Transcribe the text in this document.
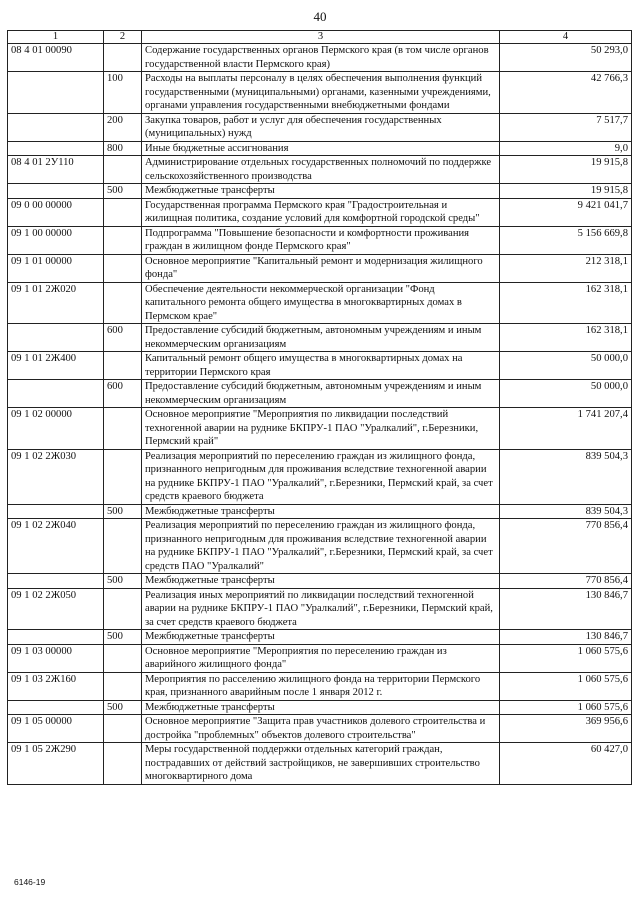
40
1	2	3	4
08 4 01 00090		Содержание государственных органов Пермского края (в том числе органов государственной власти Пермского края)	50 293,0
	100	Расходы на выплаты персоналу в целях обеспечения выполнения функций государственными (муниципальными) органами, казенными учреждениями, органами управления государственными внебюджетными фондами	42 766,3
	200	Закупка товаров, работ и услуг для обеспечения государственных (муниципальных) нужд	7 517,7
	800	Иные бюджетные ассигнования	9,0
08 4 01 2У110		Администрирование отдельных государственных полномочий по поддержке сельскохозяйственного производства	19 915,8
	500	Межбюджетные трансферты	19 915,8
09 0 00 00000		Государственная программа Пермского края "Градостроительная и жилищная политика, создание условий для комфортной городской среды"	9 421 041,7
09 1 00 00000		Подпрограмма "Повышение безопасности и комфортности проживания граждан в жилищном фонде Пермского края"	5 156 669,8
09 1 01 00000		Основное мероприятие "Капитальный ремонт и модернизация жилищного фонда"	212 318,1
09 1 01 2Ж020		Обеспечение деятельности некоммерческой организации "Фонд капитального ремонта общего имущества в многоквартирных домах в Пермском крае"	162 318,1
	600	Предоставление субсидий бюджетным, автономным учреждениям и иным некоммерческим организациям	162 318,1
09 1 01 2Ж400		Капитальный ремонт общего имущества в многоквартирных домах на территории Пермского края	50 000,0
	600	Предоставление субсидий бюджетным, автономным учреждениям и иным некоммерческим организациям	50 000,0
09 1 02 00000		Основное мероприятие "Мероприятия по ликвидации последствий техногенной аварии на руднике БКПРУ-1 ПАО "Уралкалий", г.Березники, Пермский край"	1 741 207,4
09 1 02 2Ж030		Реализация мероприятий по переселению граждан из жилищного фонда, признанного непригодным для проживания вследствие техногенной аварии на руднике БКПРУ-1 ПАО "Уралкалий", г.Березники, Пермский край, за счет средств краевого бюджета	839 504,3
	500	Межбюджетные трансферты	839 504,3
09 1 02 2Ж040		Реализация мероприятий по переселению граждан из жилищного фонда, признанного непригодным для проживания вследствие техногенной аварии на руднике БКПРУ-1 ПАО "Уралкалий", г.Березники, Пермский край, за счет средств ПАО "Уралкалий"	770 856,4
	500	Межбюджетные трансферты	770 856,4
09 1 02 2Ж050		Реализация иных мероприятий по ликвидации последствий техногенной аварии на руднике БКПРУ-1 ПАО "Уралкалий", г.Березники, Пермский край, за счет средств краевого бюджета	130 846,7
	500	Межбюджетные трансферты	130 846,7
09 1 03 00000		Основное мероприятие "Мероприятия по переселению граждан из аварийного жилищного фонда"	1 060 575,6
09 1 03 2Ж160		Мероприятия по расселению жилищного фонда на территории Пермского края, признанного аварийным после 1 января 2012 г.	1 060 575,6
	500	Межбюджетные трансферты	1 060 575,6
09 1 05 00000		Основное мероприятие "Защита прав участников долевого строительства и достройка "проблемных" объектов долевого строительства"	369 956,6
09 1 05 2Ж290		Меры государственной поддержки отдельных категорий граждан, пострадавших от действий застройщиков, не завершивших строительство многоквартирного дома	60 427,0
6146-19
